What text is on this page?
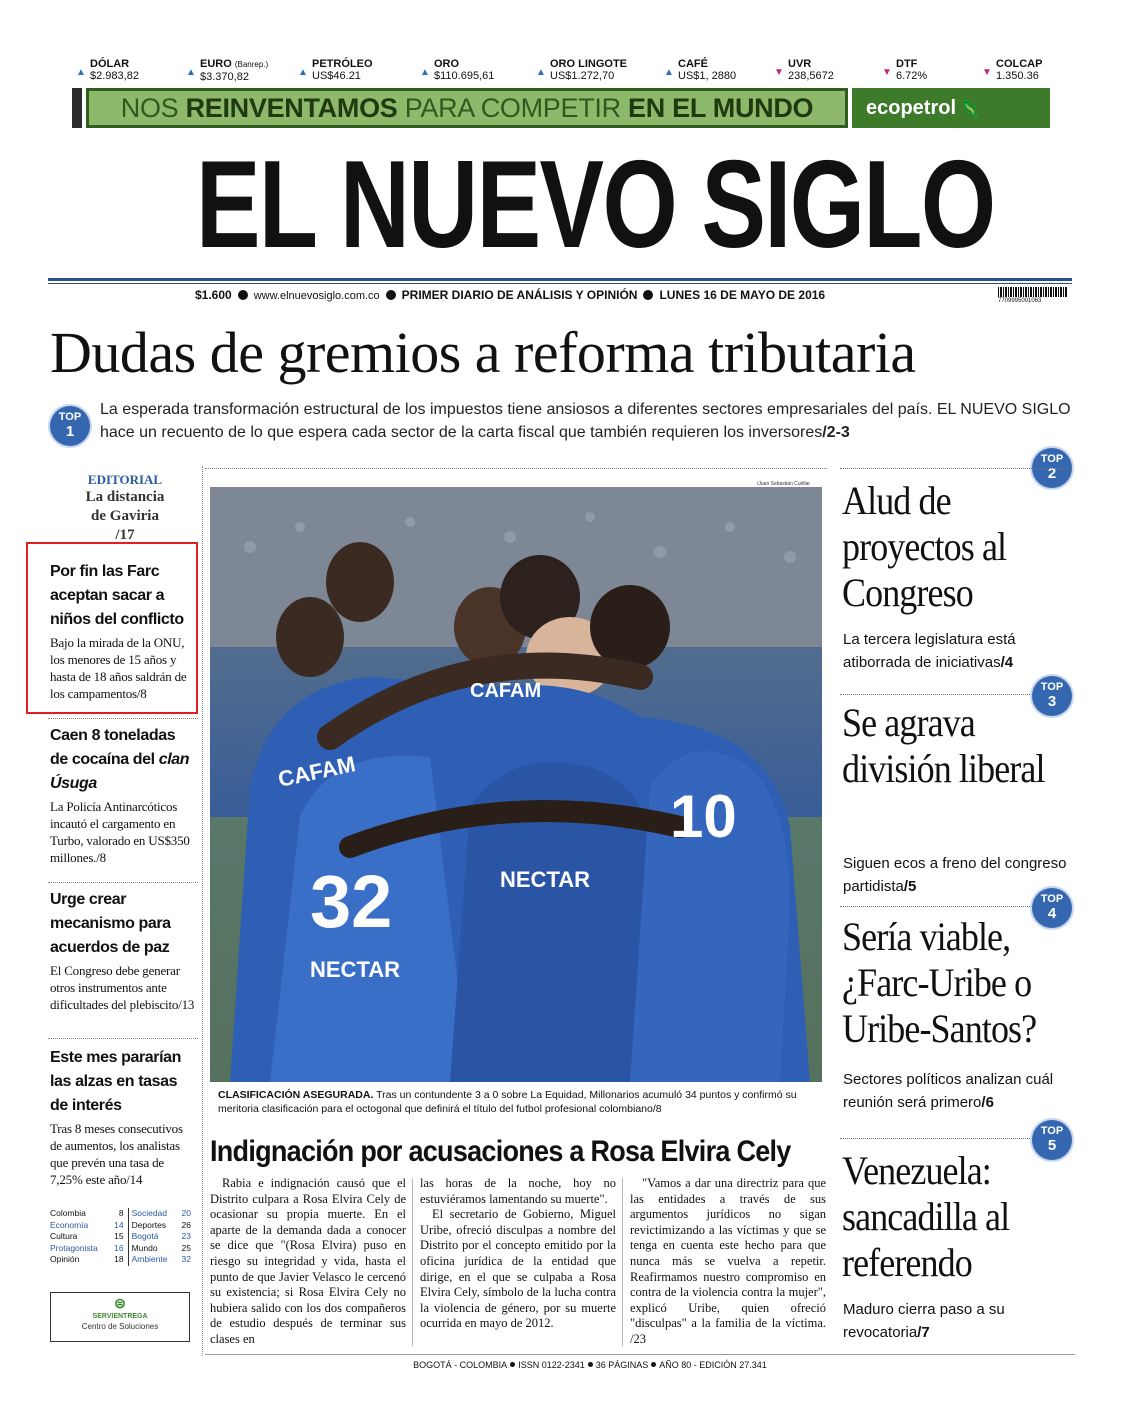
▲
DÓLAR
$2.983,82	▲
EURO (Banrep.)
$3.370,82	▲
PETRÓLEO
US$46.21	▲
ORO
$110.695,61	▲
ORO LINGOTE
US$1.272,70	▲
CAFÉ
US$1, 2880	▼
UVR
238,5672	▼
DTF
6.72%	▼
COLCAP
1.350.36
NOS REINVENTAMOS PARA COMPETIR EN EL MUNDO	ecopetrol 🦎
EL NUEVO SIGLO
$1.600 www.elnuevosiglo.com.co PRIMER DIARIO DE ANÁLISIS Y OPINIÓN LUNES 16 DE MAYO DE 2016	7709995001063
Dudas de gremios a reforma tributaria
TOP
1
La esperada transformación estructural de los impuestos tiene ansiosos a diferentes sectores empresariales del país. EL NUEVO SIGLO hace un recuento de lo que espera cada sector de la carta fiscal que también requieren los inversores/2-3
EDITORIAL
La distancia de Gaviria
/17
Por fin las Farc aceptan sacar a niños del conflicto
Bajo la mirada de la ONU, los menores de 15 años y hasta de 18 años saldrán de los campamentos/8
Caen 8 toneladas de cocaína del clan Úsuga
La Policía Antinarcóticos incautó el cargamento en Turbo, valorado en US$350 millones./8
Urge crear mecanismo para acuerdos de paz
El Congreso debe generar otros instrumentos ante dificultades del plebiscito/13
Este mes pararían las alzas en tasas de interés
Tras 8 meses consecutivos de aumentos, los analistas que prevén una tasa de 7,25% este año/14
Colombia	8	Sociedad	20
Economía	14	Deportes	26
Cultura	15	Bogotá	23
Protagonista	16	Mundo	25
Opinión	18	Ambiente	32
⊜
SERVIENTREGA
Centro de Soluciones
/Juan Sebastián Cuéllar
32
CAFAM
CAFAM
NECTAR
NECTAR
10
CLASIFICACIÓN ASEGURADA. Tras un contundente 3 a 0 sobre La Equidad, Millonarios acumuló 34 puntos y confirmó su meritoria clasificación para el octogonal que definirá el título del futbol profesional colombiano/8
Indignación por acusaciones a Rosa Elvira Cely

Rabia e indignación causó que el Distrito culpara a Rosa Elvira Cely de ocasionar su propia muerte. En el aparte de la demanda dada a conocer se dice que "(Rosa Elvira) puso en riesgo su integridad y vida, hasta el punto de que Javier Velasco le cercenó su existencia; si Rosa Elvira Cely no hubiera salido con los dos compañeros de estudio después de terminar sus clases en

las horas de la noche, hoy no estuviéramos lamentando su muerte".

El secretario de Gobierno, Miguel Uribe, ofreció disculpas a nombre del Distrito por el concepto emitido por la oficina jurídica de la entidad que dirige, en el que se culpaba a Rosa Elvira Cely, símbolo de la lucha contra la violencia de género, por su muerte ocurrida en mayo de 2012.

"Vamos a dar una directriz para que las entidades a través de sus argumentos jurídicos no sigan revictimizando a las víctimas y que se tenga en cuenta este hecho para que nunca más se vuelva a repetir. Reafirmamos nuestro compromiso en contra de la violencia contra la mujer", explicó Uribe, quien ofreció "disculpas" a la familia de la víctima. /23

TOP
2
Alud de proyectos al Congreso
La tercera legislatura está atiborrada de iniciativas/4
TOP
3
Se agrava división liberal
Siguen ecos a freno del congreso partidista/5
TOP
4
Sería viable, ¿Farc-Uribe o Uribe-Santos?
Sectores políticos analizan cuál reunión será primero/6
TOP
5
Venezuela: sancadilla al referendo
Maduro cierra paso a su revocatoria/7
BOGOTÁ - COLOMBIA ISSN 0122-2341 36 PÁGINAS AÑO 80 - EDICIÓN 27.341
